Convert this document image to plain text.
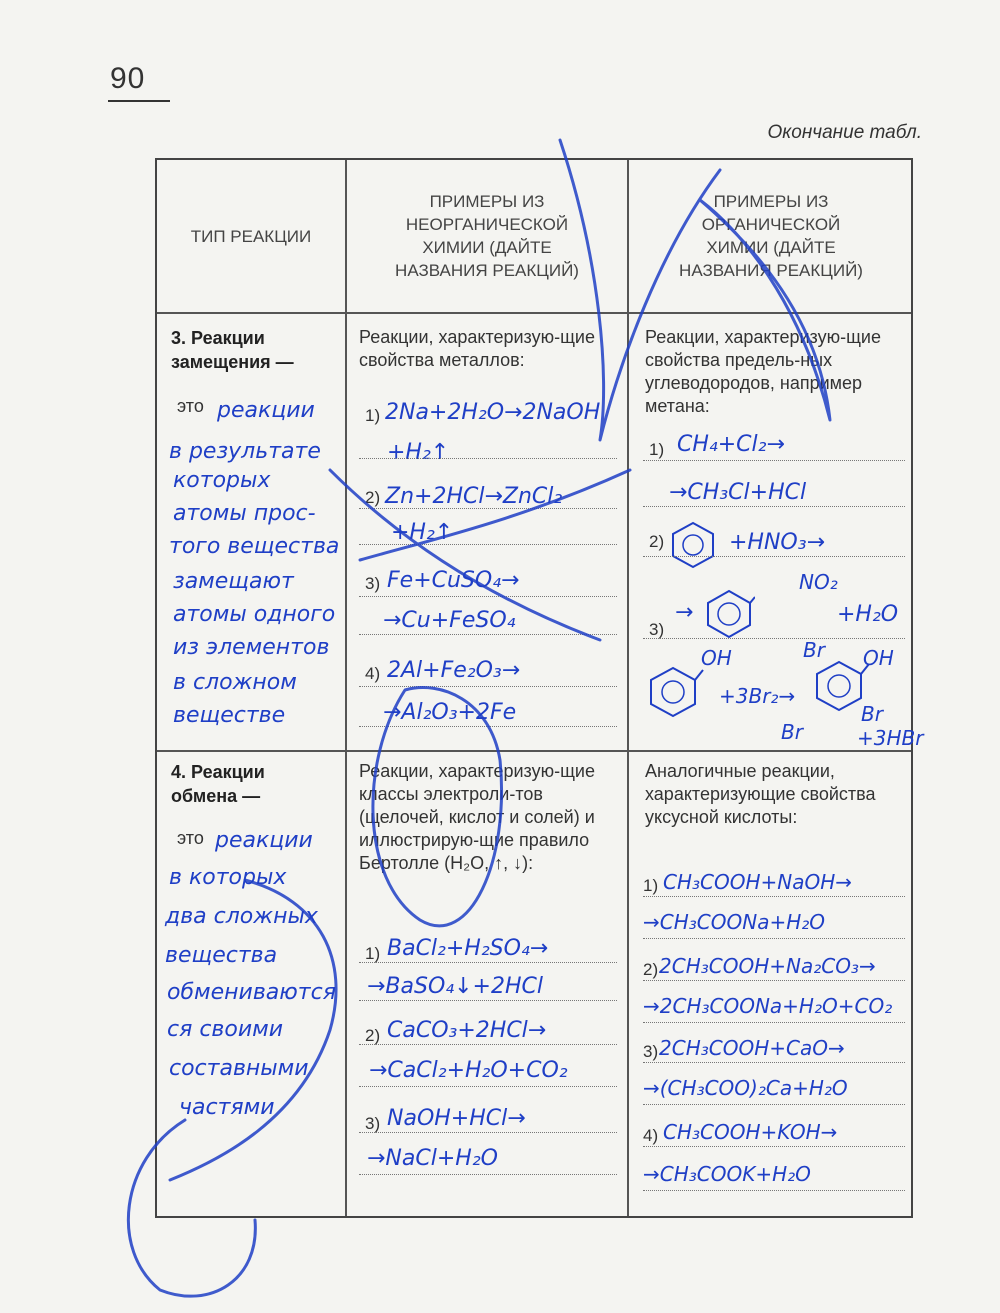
90
Окончание табл.
ТИП РЕАКЦИИ
ПРИМЕРЫ ИЗ НЕОРГАНИЧЕСКОЙ ХИМИИ (ДАЙТЕ НАЗВАНИЯ РЕАКЦИЙ)
ПРИМЕРЫ ИЗ ОРГАНИЧЕСКОЙ ХИМИИ (ДАЙТЕ НАЗВАНИЯ РЕАКЦИЙ)
3. Реакции замещения —
это реакции
в результате
которых
атомы прос-
того вещества
замещают
атомы одного
из элементов
в сложном
веществе
Реакции, характеризую-щие свойства металлов:
1) 2Na+2H₂O→2NaOH
+H₂↑
2) Zn+2HCl→ZnCl₂
+H₂↑
3) Fe+CuSO₄→
→Cu+FeSO₄
4) 2Al+Fe₂O₃→
→Al₂O₃+2Fe
Реакции, характеризую-щие свойства предель-ных углеводородов, например метана:
1) CH₄+Cl₂→
→CH₃Cl+HCl
2)	+HNO₃→
3)
→
NO₂
+H₂O
OH
+3Br₂→
Br OH
Br
Br	+3HBr
4. Реакции обмена —
это реакции
в которых
два сложных
вещества
обмениваются
ся своими
составными
частями
Реакции, характеризую-щие классы электроли-тов (щелочей, кислот и солей) и иллюстрирую-щие правило Бертолле (H₂O, ↑, ↓):
1) BaCl₂+H₂SO₄→
→BaSO₄↓+2HCl
2) CaCO₃+2HCl→
→CaCl₂+H₂O+CO₂
3) NaOH+HCl→
→NaCl+H₂O
Аналогичные реакции, характеризующие свойства уксусной кислоты:
1) CH₃COOH+NaOH→
→CH₃COONa+H₂O
2) 2CH₃COOH+Na₂CO₃→
→2CH₃COONa+H₂O+CO₂
3) 2CH₃COOH+CaO→
→(CH₃COO)₂Ca+H₂O
4) CH₃COOH+KOH→
→CH₃COOK+H₂O
